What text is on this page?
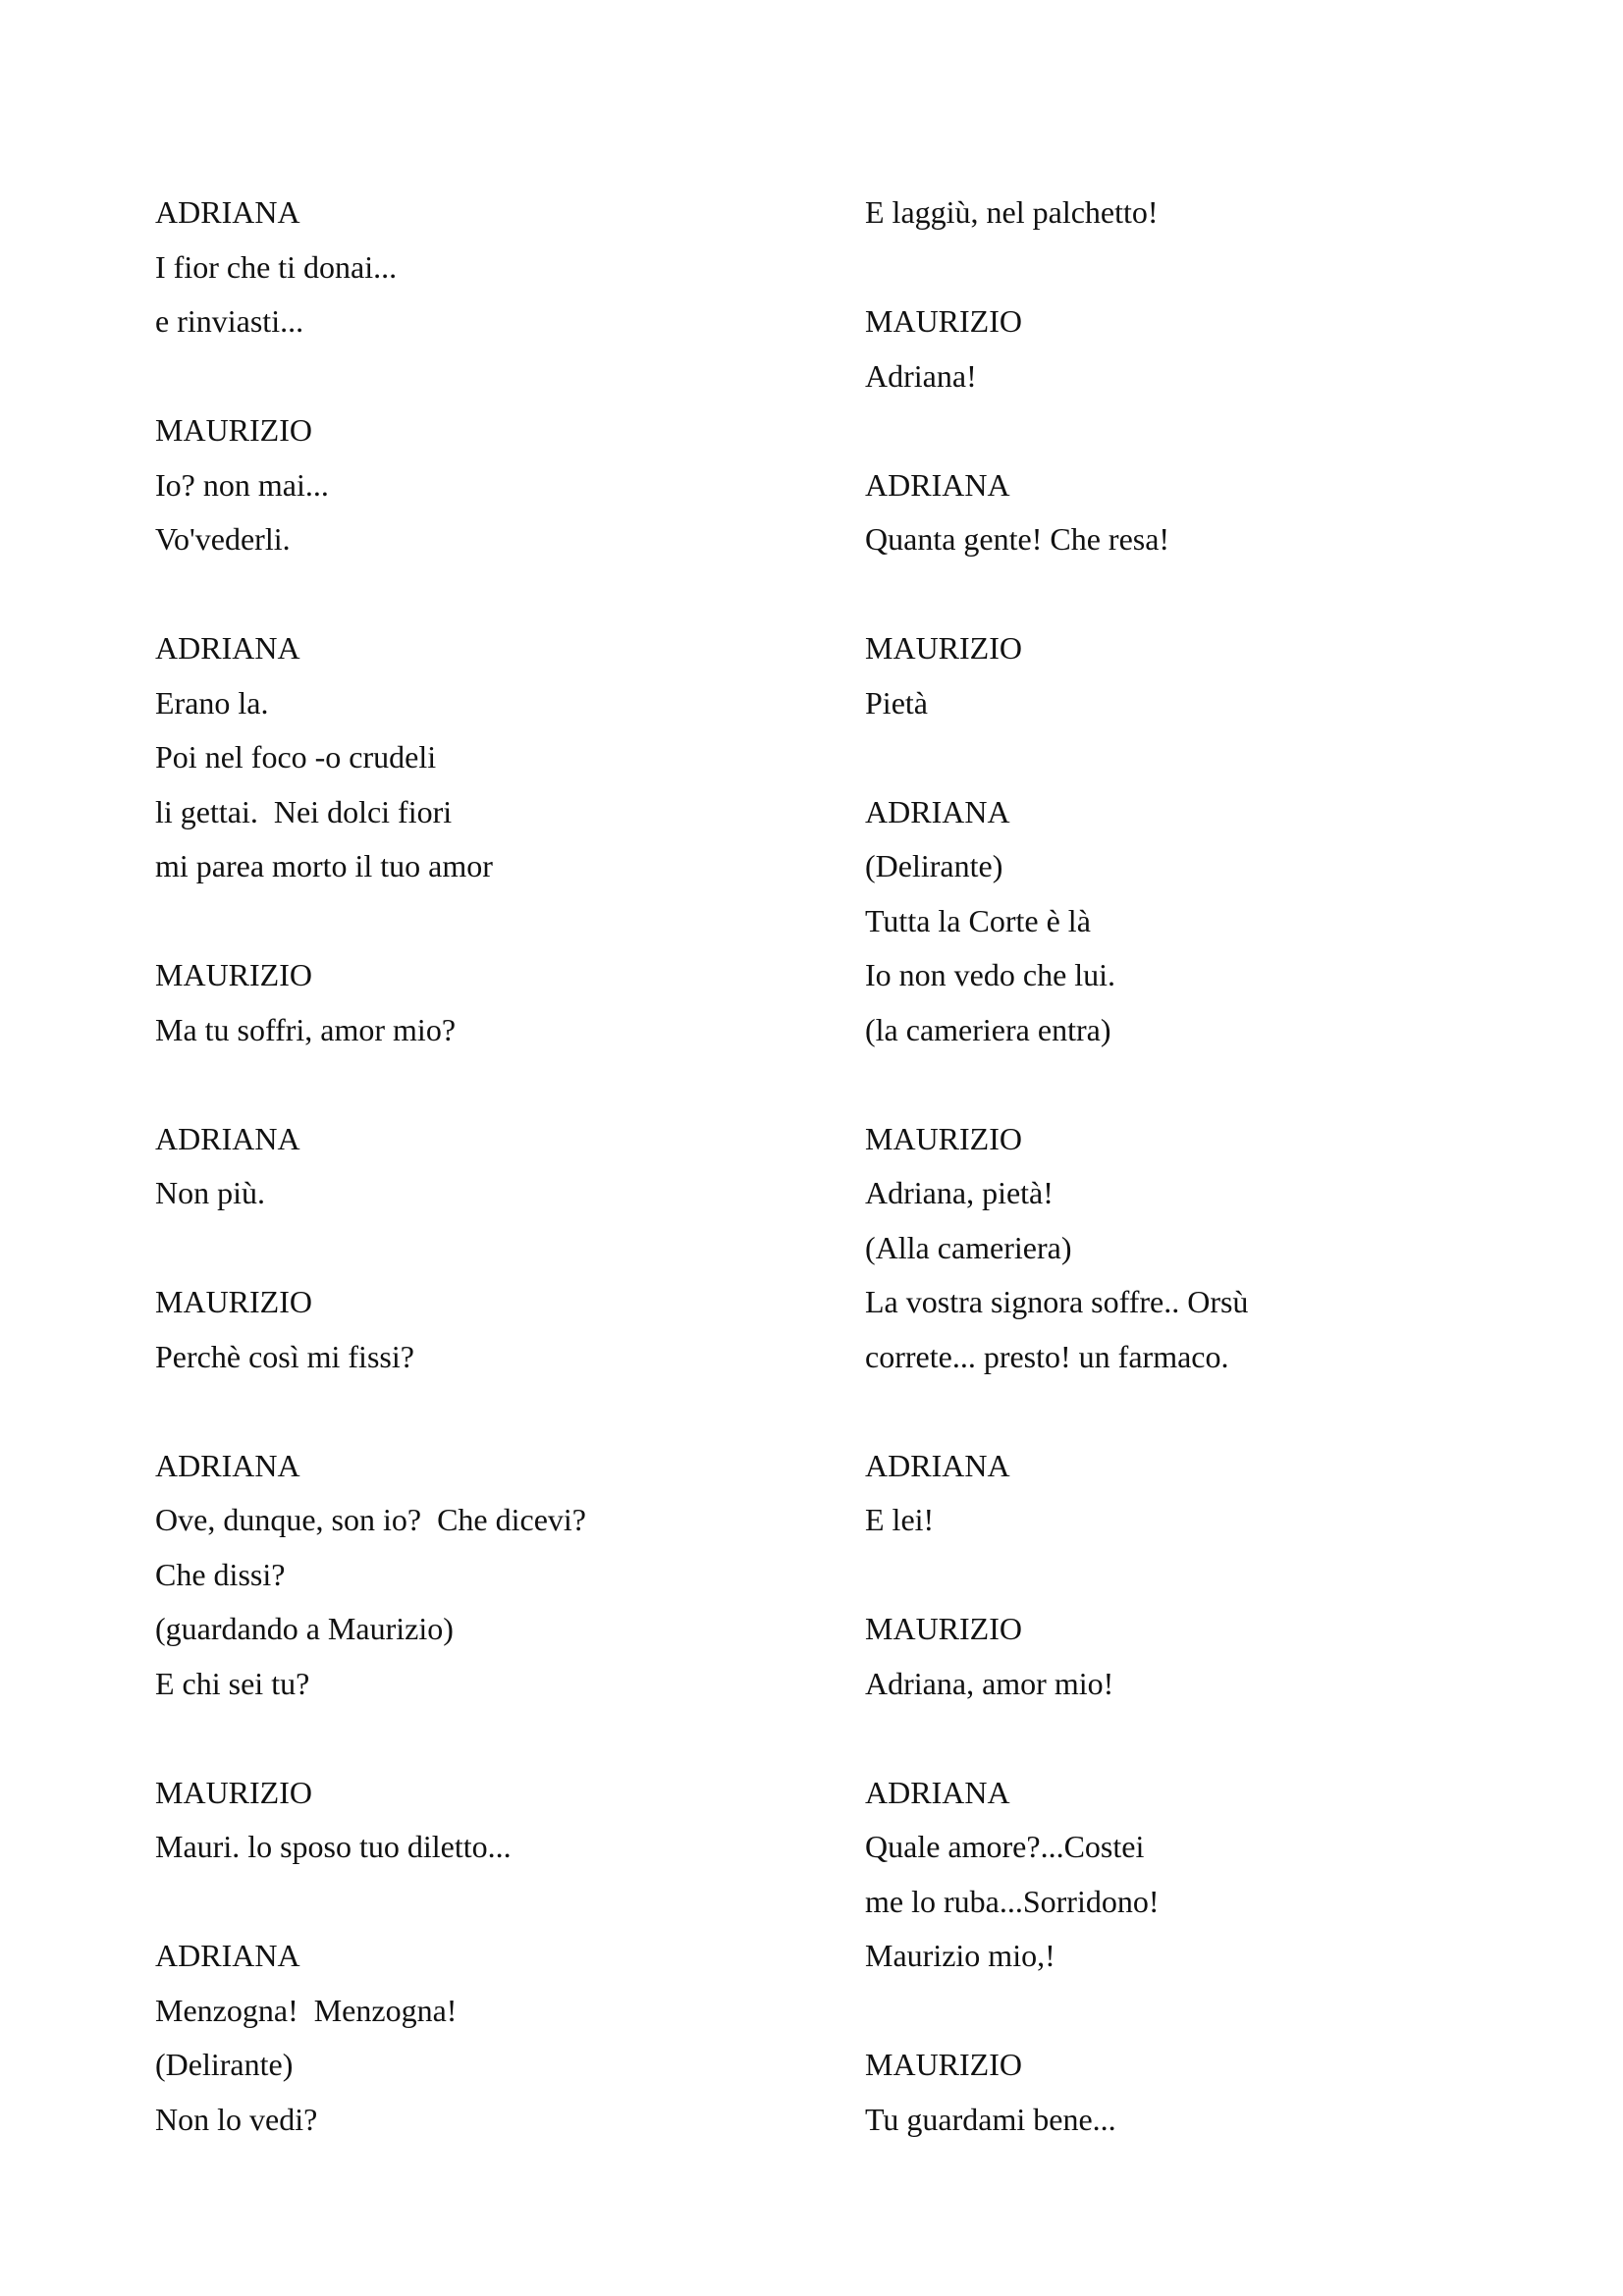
ADRIANA
I fior che ti donai...
e rinviasti...
MAURIZIO
Io? non mai...
Vo'vederli.
ADRIANA
Erano la.
Poi nel foco -o crudeli
li gettai.  Nei dolci fiori
mi parea morto il tuo amor
MAURIZIO
Ma tu soffri, amor mio?
ADRIANA
Non più.
MAURIZIO
Perchè così mi fissi?
ADRIANA
Ove, dunque, son io?  Che dicevi?
Che dissi?
(guardando a Maurizio)
E chi sei tu?
MAURIZIO
Mauri. lo sposo tuo diletto...
ADRIANA
Menzogna!  Menzogna!
(Delirante)
Non lo vedi?
E laggiù, nel palchetto!
MAURIZIO
Adriana!
ADRIANA
Quanta gente! Che resa!
MAURIZIO
Pietà
ADRIANA
(Delirante)
Tutta la Corte è là
Io non vedo che lui.
(la cameriera entra)
MAURIZIO
Adriana, pietà!
(Alla cameriera)
La vostra signora soffre.. Orsù
correte... presto! un farmaco.
ADRIANA
E lei!
MAURIZIO
Adriana, amor mio!
ADRIANA
Quale amore?...Costei
me lo ruba...Sorridono!
Maurizio mio,!
MAURIZIO
Tu guardami bene...
